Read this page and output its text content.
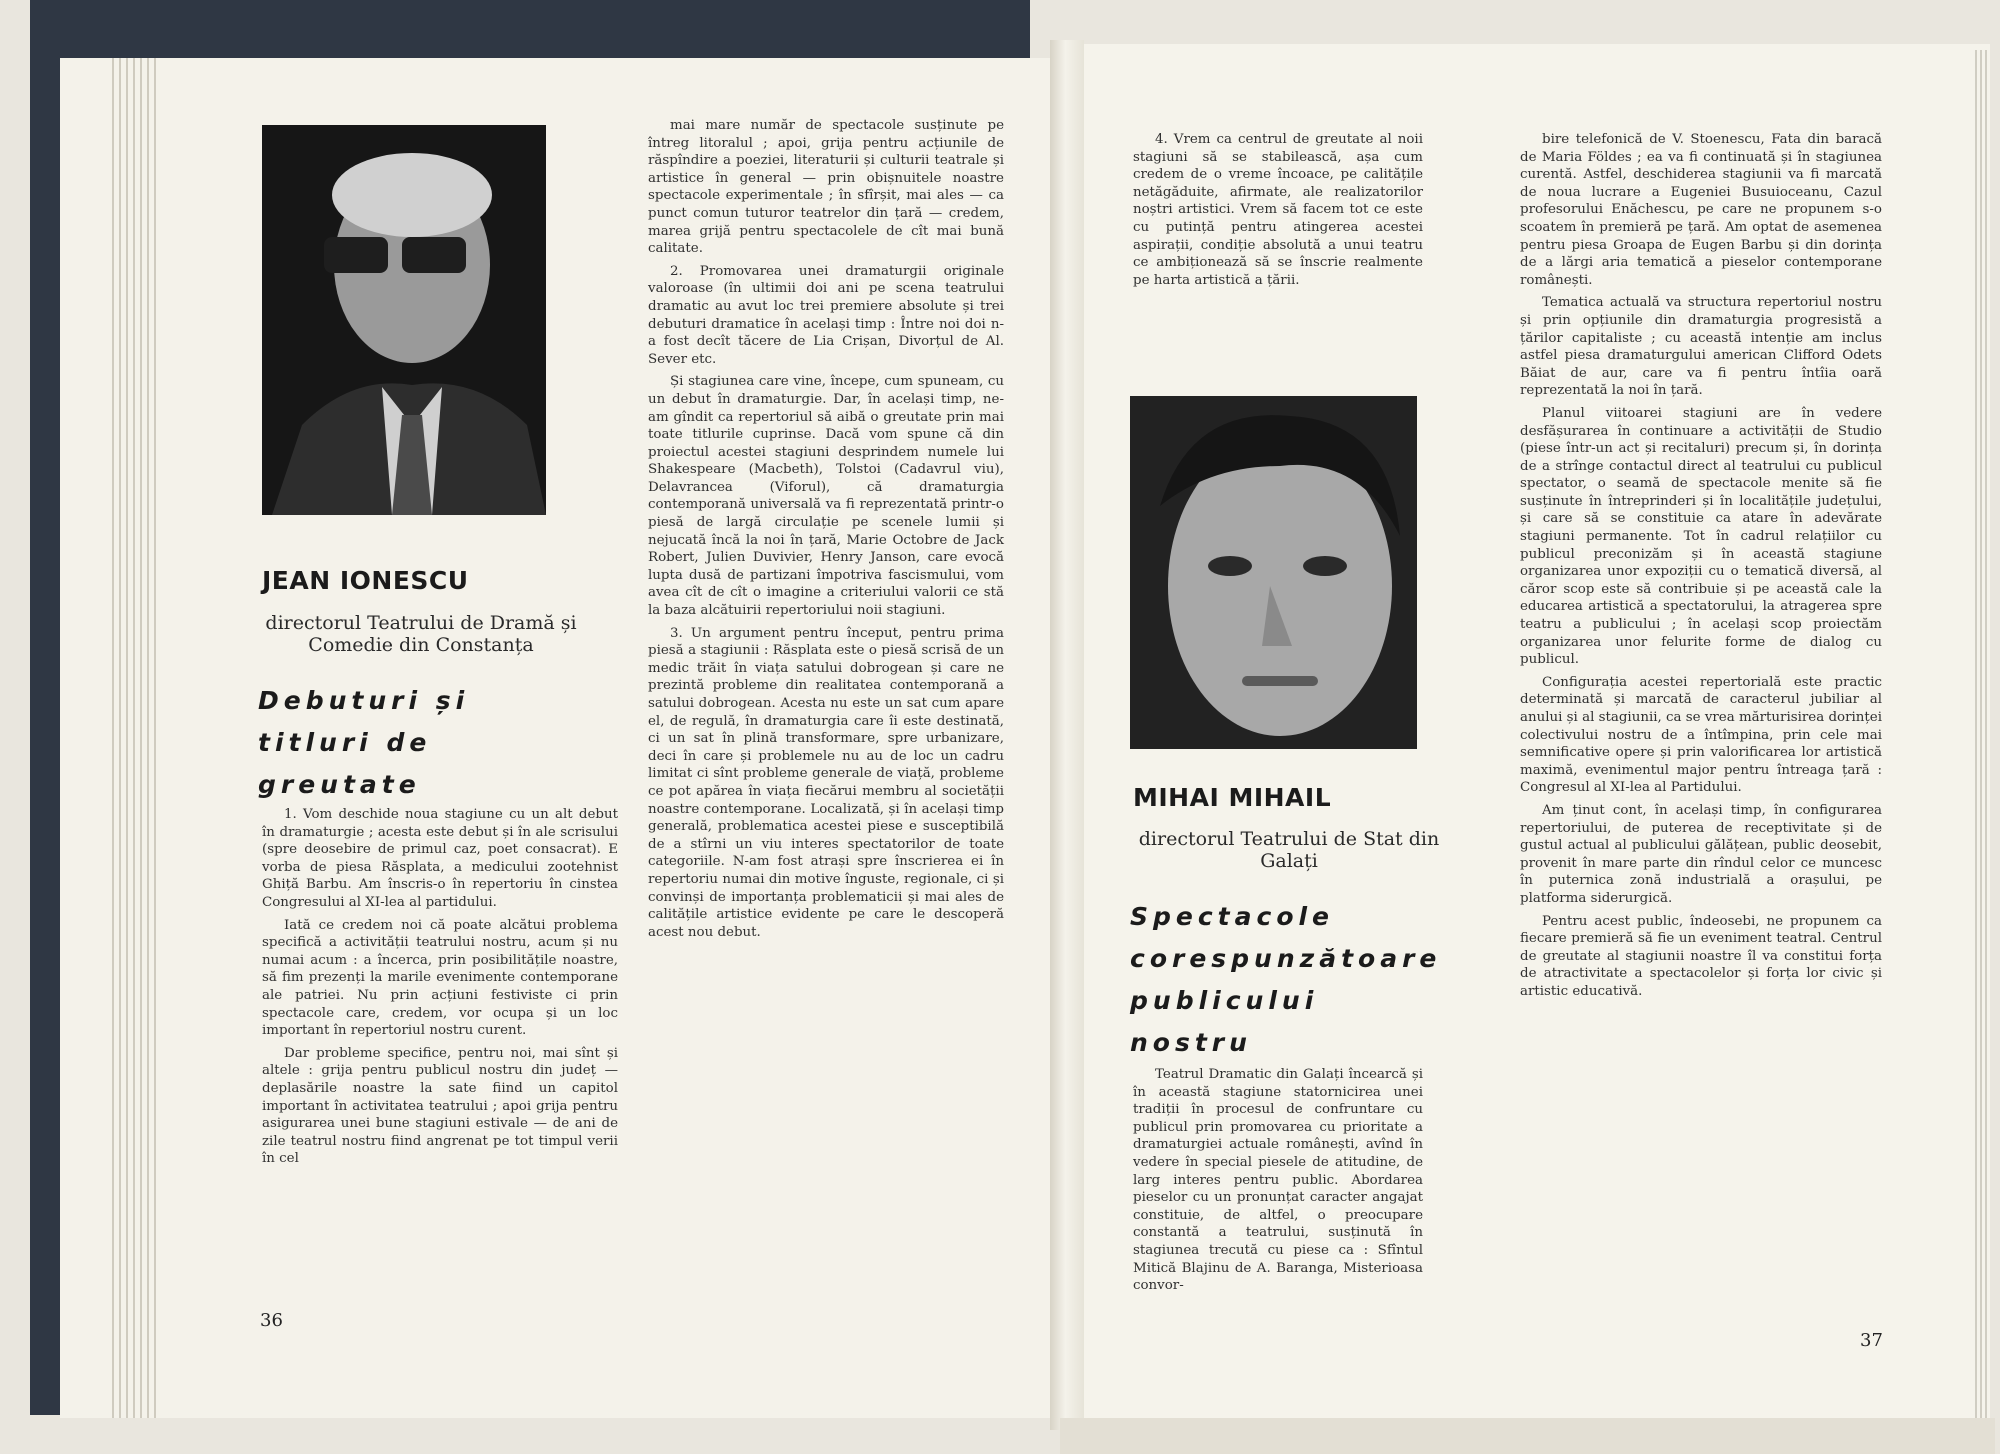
JEAN IONESCU

directorul Teatrului de Dramă și Comedie din Constanța

Debuturi și titluri de greutate

1. Vom deschide noua stagiune cu un alt debut în dramaturgie ; acesta este debut și în ale scrisului (spre deosebire de primul caz, poet consacrat). E vorba de piesa Răsplata, a medicului zootehnist Ghiță Barbu. Am înscris-o în repertoriu în cinstea Congresului al XI-lea al partidului.

Iată ce credem noi că poate alcătui problema specifică a activității teatrului nostru, acum și nu numai acum : a încerca, prin posibilitățile noastre, să fim prezenți la marile evenimente contemporane ale patriei. Nu prin acțiuni festiviste ci prin spectacole care, credem, vor ocupa și un loc important în repertoriul nostru curent.

Dar probleme specifice, pentru noi, mai sînt și altele : grija pentru publicul nostru din județ — deplasările noastre la sate fiind un capitol important în activitatea teatrului ; apoi grija pentru asigurarea unei bune stagiuni estivale — de ani de zile teatrul nostru fiind angrenat pe tot timpul verii în cel

mai mare număr de spectacole susținute pe întreg litoralul ; apoi, grija pentru acțiunile de răspîndire a poeziei, literaturii și culturii teatrale și artistice în general — prin obișnuitele noastre spectacole experimentale ; în sfîrșit, mai ales — ca punct comun tuturor teatrelor din țară — credem, marea grijă pentru spectacolele de cît mai bună calitate.

2. Promovarea unei dramaturgii originale valoroase (în ultimii doi ani pe scena teatrului dramatic au avut loc trei premiere absolute și trei debuturi dramatice în același timp : Între noi doi n-a fost decît tăcere de Lia Crișan, Divorțul de Al. Sever etc.

Și stagiunea care vine, începe, cum spuneam, cu un debut în dramaturgie. Dar, în același timp, ne-am gîndit ca repertoriul să aibă o greutate prin mai toate titlurile cuprinse. Dacă vom spune că din proiectul acestei stagiuni desprindem numele lui Shakespeare (Macbeth), Tolstoi (Cadavrul viu), Delavrancea (Viforul), că dramaturgia contemporană universală va fi reprezentată printr-o piesă de largă circulație pe scenele lumii și nejucată încă la noi în țară, Marie Octobre de Jack Robert, Julien Duvivier, Henry Janson, care evocă lupta dusă de partizani împotriva fascismului, vom avea cît de cît o imagine a criteriului valorii ce stă la baza alcătuirii repertoriului noii stagiuni.

3. Un argument pentru început, pentru prima piesă a stagiunii : Răsplata este o piesă scrisă de un medic trăit în viața satului dobrogean și care ne prezintă probleme din realitatea contemporană a satului dobrogean. Acesta nu este un sat cum apare el, de regulă, în dramaturgia care îi este destinată, ci un sat în plină transformare, spre urbanizare, deci în care și problemele nu au de loc un cadru limitat ci sînt probleme generale de viață, probleme ce pot apărea în viața fiecărui membru al societății noastre contemporane. Localizată, și în același timp generală, problematica acestei piese e susceptibilă de a stîrni un viu interes spectatorilor de toate categoriile. N-am fost atrași spre înscrierea ei în repertoriu numai din motive înguste, regionale, ci și convinși de importanța problematicii și mai ales de calitățile artistice evidente pe care le descoperă acest nou debut.

36

4. Vrem ca centrul de greutate al noii stagiuni să se stabilească, așa cum credem de o vreme încoace, pe calitățile netăgăduite, afirmate, ale realizatorilor noștri artistici. Vrem să facem tot ce este cu putință pentru atingerea acestei aspirații, condiție absolută a unui teatru ce ambiționează să se înscrie realmente pe harta artistică a țării.

MIHAI MIHAIL

directorul Teatrului de Stat din Galați

Spectacole corespunzătoare publicului nostru

Teatrul Dramatic din Galați încearcă și în această stagiune statornicirea unei tradiții în procesul de confruntare cu publicul prin promovarea cu prioritate a dramaturgiei actuale românești, avînd în vedere în special piesele de atitudine, de larg interes pentru public. Abordarea pieselor cu un pronunțat caracter angajat constituie, de altfel, o preocupare constantă a teatrului, susținută în stagiunea trecută cu piese ca : Sfîntul Mitică Blajinu de A. Baranga, Misterioasa convor-

bire telefonică de V. Stoenescu, Fata din baracă de Maria Földes ; ea va fi continuată și în stagiunea curentă. Astfel, deschiderea stagiunii va fi marcată de noua lucrare a Eugeniei Busuioceanu, Cazul profesorului Enăchescu, pe care ne propunem s-o scoatem în premieră pe țară. Am optat de asemenea pentru piesa Groapa de Eugen Barbu și din dorința de a lărgi aria tematică a pieselor contemporane românești.

Tematica actuală va structura repertoriul nostru și prin opțiunile din dramaturgia progresistă a țărilor capitaliste ; cu această intenție am inclus astfel piesa dramaturgului american Clifford Odets Băiat de aur, care va fi pentru întîia oară reprezentată la noi în țară.

Planul viitoarei stagiuni are în vedere desfășurarea în continuare a activității de Studio (piese într-un act și recitaluri) precum și, în dorința de a strînge contactul direct al teatrului cu publicul spectator, o seamă de spectacole menite să fie susținute în întreprinderi și în localitățile județului, și care să se constituie ca atare în adevărate stagiuni permanente. Tot în cadrul relațiilor cu publicul preconizăm și în această stagiune organizarea unor expoziții cu o tematică diversă, al căror scop este să contribuie și pe această cale la educarea artistică a spectatorului, la atragerea spre teatru a publicului ; în același scop proiectăm organizarea unor felurite forme de dialog cu publicul.

Configurația acestei repertorială este practic determinată și marcată de caracterul jubiliar al anului și al stagiunii, ca se vrea mărturisirea dorinței colectivului nostru de a întîmpina, prin cele mai semnificative opere și prin valorificarea lor artistică maximă, evenimentul major pentru întreaga țară : Congresul al XI-lea al Partidului.

Am ținut cont, în același timp, în configurarea repertoriului, de puterea de receptivitate și de gustul actual al publicului gălățean, public deosebit, provenit în mare parte din rîndul celor ce muncesc în puternica zonă industrială a orașului, pe platforma siderurgică.

Pentru acest public, îndeosebi, ne propunem ca fiecare premieră să fie un eveniment teatral. Centrul de greutate al stagiunii noastre îl va constitui forța de atractivitate a spectacolelor și forța lor civic și artistic educativă.

37
